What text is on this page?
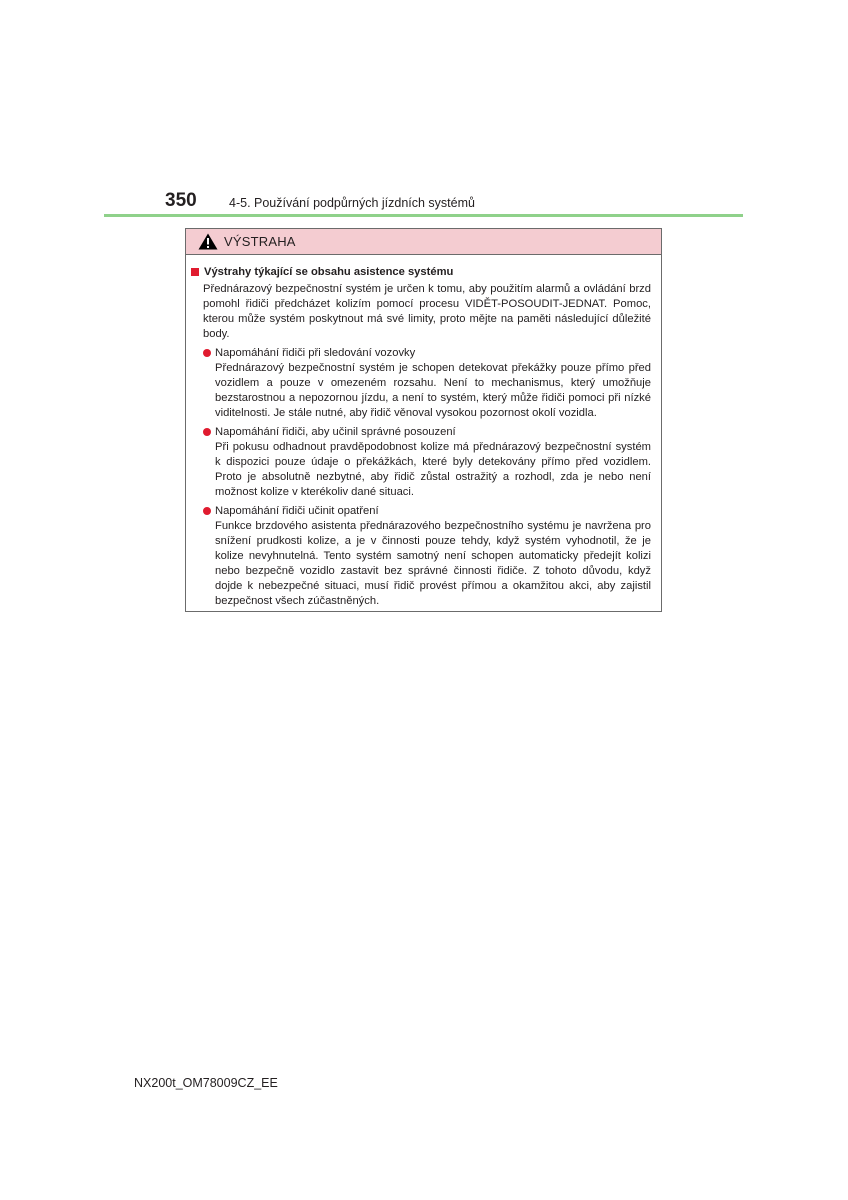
350	4-5. Používání podpůrných jízdních systémů
VÝSTRAHA
Výstrahy týkající se obsahu asistence systému
Přednárazový bezpečnostní systém je určen k tomu, aby použitím alarmů a ovládání brzd pomohl řidiči předcházet kolizím pomocí procesu VIDĚT-POSOUDIT-JEDNAT. Pomoc, kterou může systém poskytnout má své limity, proto mějte na paměti následující důležité body.
Napomáhání řidiči při sledování vozovky
Přednárazový bezpečnostní systém je schopen detekovat překážky pouze přímo před vozidlem a pouze v omezeném rozsahu. Není to mechanismus, který umožňuje bezstarostnou a nepozornou jízdu, a není to systém, který může řidiči pomoci při nízké viditelnosti. Je stále nutné, aby řidič věnoval vysokou pozornost okolí vozidla.
Napomáhání řidiči, aby učinil správné posouzení
Při pokusu odhadnout pravděpodobnost kolize má přednárazový bezpečnostní systém k dispozici pouze údaje o překážkách, které byly detekovány přímo před vozidlem. Proto je absolutně nezbytné, aby řidič zůstal ostražitý a rozhodl, zda je nebo není možnost kolize v kterékoliv dané situaci.
Napomáhání řidiči učinit opatření
Funkce brzdového asistenta přednárazového bezpečnostního systému je navržena pro snížení prudkosti kolize, a je v činnosti pouze tehdy, když systém vyhodnotil, že je kolize nevyhnutelná. Tento systém samotný není schopen automaticky předejít kolizi nebo bezpečně vozidlo zastavit bez správné činnosti řidiče. Z tohoto důvodu, když dojde k nebezpečné situaci, musí řidič provést přímou a okamžitou akci, aby zajistil bezpečnost všech zúčastněných.
NX200t_OM78009CZ_EE
